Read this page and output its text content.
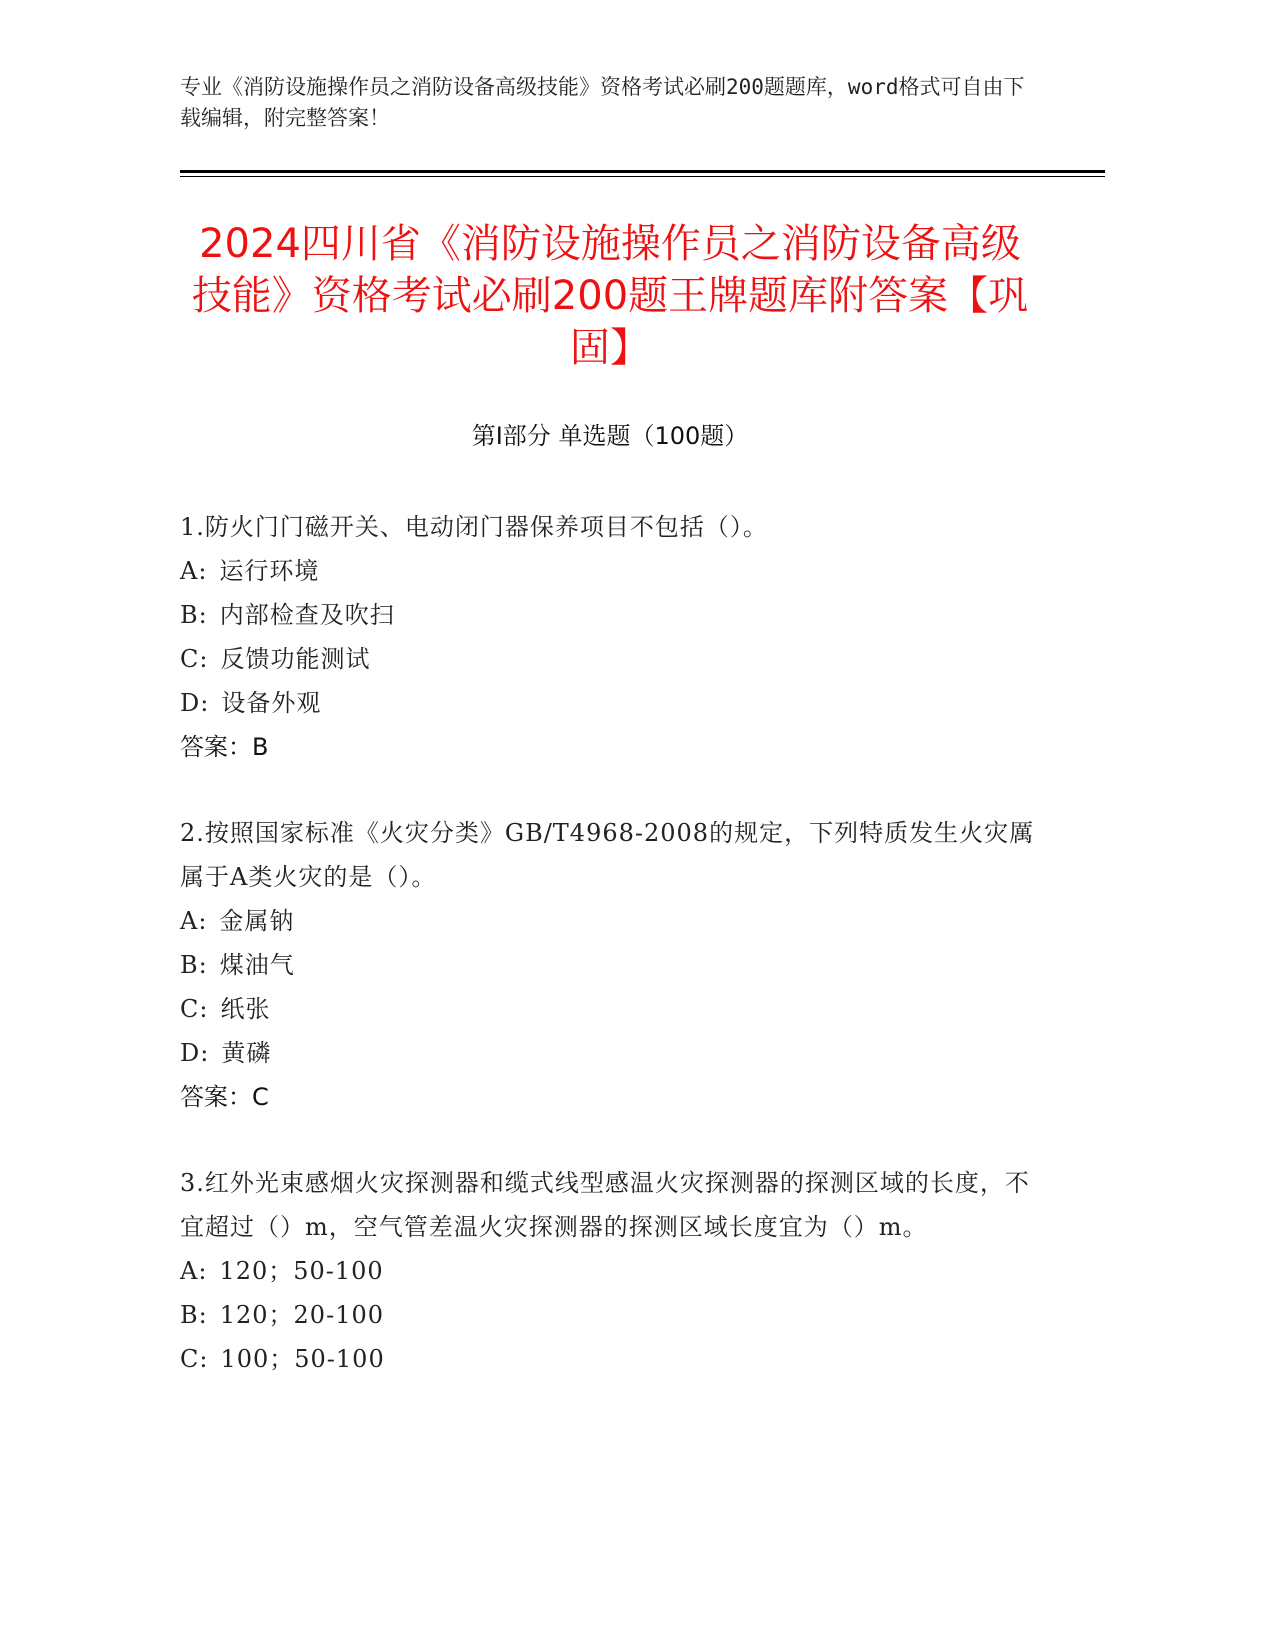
专业《消防设施操作员之消防设备高级技能》资格考试必刷200题题库，word格式可自由下载编辑，附完整答案！
2024四川省《消防设施操作员之消防设备高级技能》资格考试必刷200题王牌题库附答案【巩固】
第I部分 单选题（100题）
1.防火门门磁开关、电动闭门器保养项目不包括（）。
A: 运行环境
B: 内部检查及吹扫
C: 反馈功能测试
D: 设备外观
答案：B
2.按照国家标准《火灾分类》GB/T4968-2008的规定，下列特质发生火灾厲属于A类火灾的是（）。
A: 金属钠
B: 煤油气
C: 纸张
D: 黄磷
答案：C
3.红外光束感烟火灾探测器和缆式线型感温火灾探测器的探测区域的长度，不宜超过（）m，空气管差温火灾探测器的探测区域长度宜为（）m。
A: 120；50-100
B: 120；20-100
C: 100；50-100
